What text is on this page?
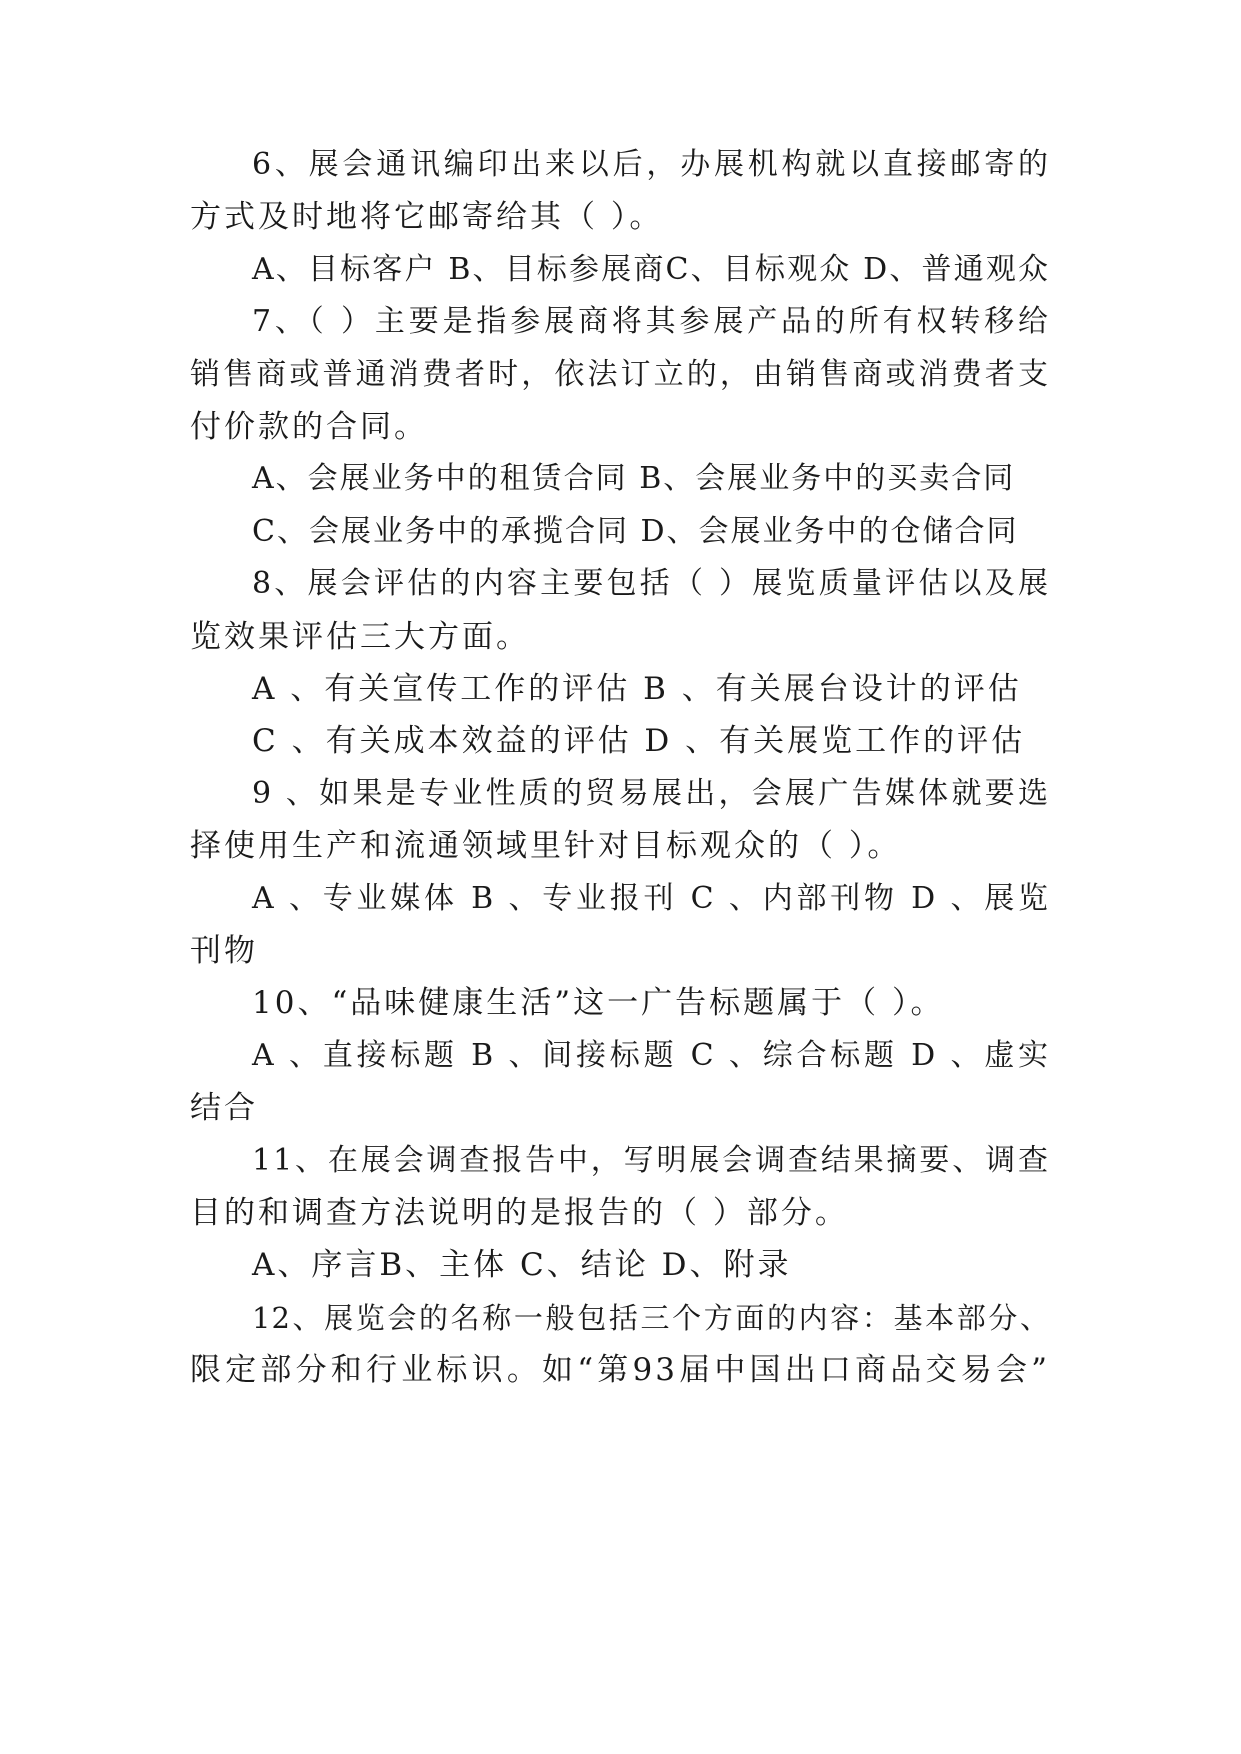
6、展会通讯编印出来以后，办展机构就以直接邮寄的
方式及时地将它邮寄给其（ ）。
A、目标客户 B、目标参展商C、目标观众 D、普通观众
7、（ ）主要是指参展商将其参展产品的所有权转移给
销售商或普通消费者时，依法订立的，由销售商或消费者支
付价款的合同。
A、会展业务中的租赁合同 B、会展业务中的买卖合同
C、会展业务中的承揽合同 D、会展业务中的仓储合同
8、展会评估的内容主要包括（ ）展览质量评估以及展
览效果评估三大方面。
A 、有关宣传工作的评估 B 、有关展台设计的评估
C 、有关成本效益的评估 D 、有关展览工作的评估
9 、如果是专业性质的贸易展出，会展广告媒体就要选
择使用生产和流通领域里针对目标观众的（ ）。
A 、专业媒体 B 、专业报刊 C 、内部刊物 D 、展览
刊物
10、“品味健康生活”这一广告标题属于（ ）。
A 、直接标题 B 、间接标题 C 、综合标题 D 、虚实
结合
11、在展会调查报告中，写明展会调查结果摘要、调查
目的和调查方法说明的是报告的（ ）部分。
A、序言B、主体 C、结论 D、附录
12、展览会的名称一般包括三个方面的内容：基本部分、
限定部分和行业标识。如“第93届中国出口商品交易会”
